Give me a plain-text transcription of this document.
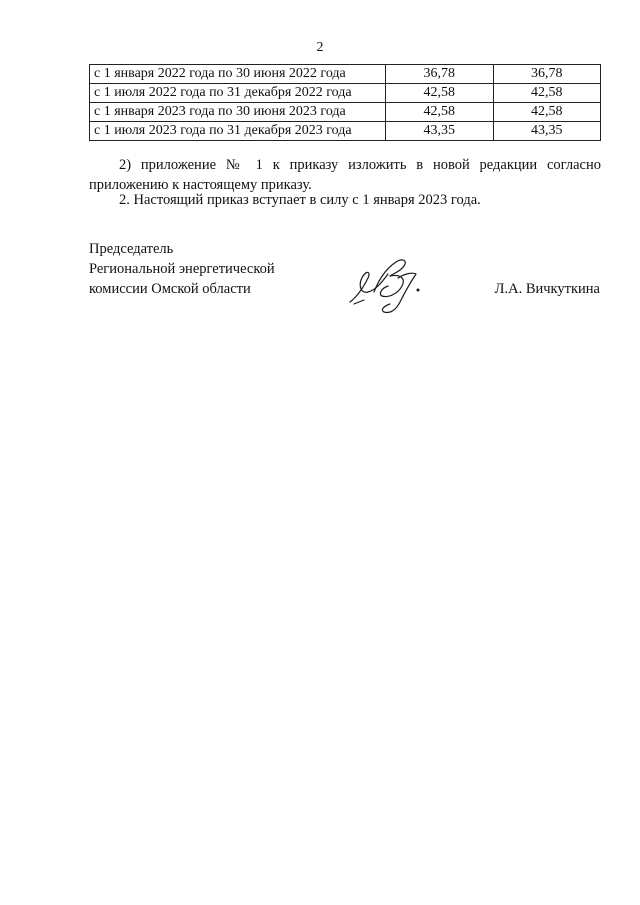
2
с 1 января 2022 года по 30 июня 2022 года	36,78	36,78
с 1 июля 2022 года по 31 декабря 2022 года	42,58	42,58
с 1 января 2023 года по 30 июня 2023 года	42,58	42,58
с 1 июля 2023 года по 31 декабря 2023 года	43,35	43,35
2) приложение № 1 к приказу изложить в новой редакции согласно
приложению к настоящему приказу.
2. Настоящий приказ вступает в силу с 1 января 2023 года.
Председатель
Региональной энергетической
комиссии Омской области	Л.А. Вичкуткина
